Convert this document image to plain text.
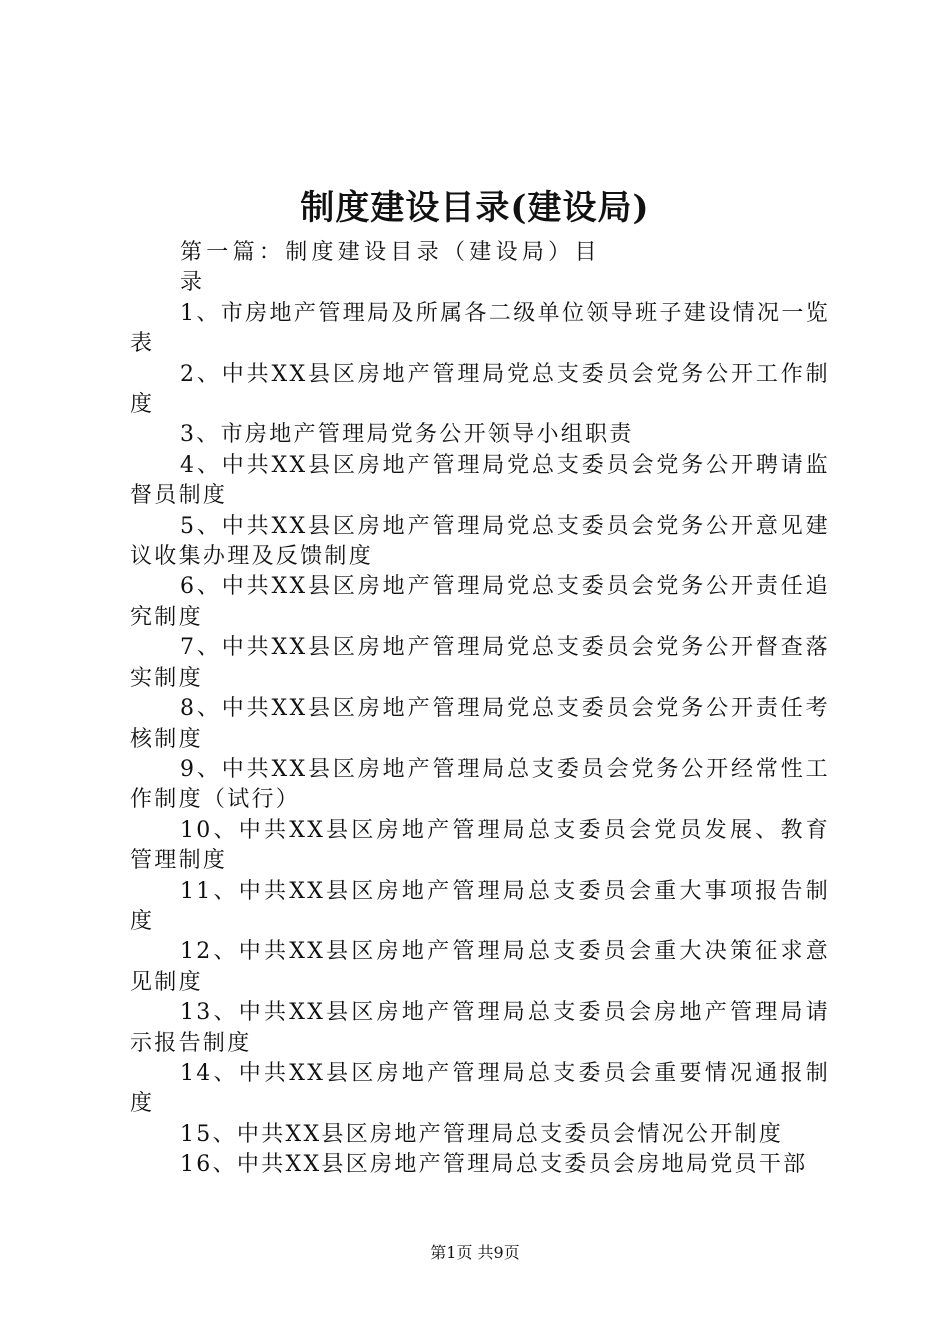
制度建设目录(建设局)

第一篇：制度建设目录（建设局）目录

1、市房地产管理局及所属各二级单位领导班子建设情况一览表

2、中共XX县区房地产管理局党总支委员会党务公开工作制度

3、市房地产管理局党务公开领导小组职责

4、中共XX县区房地产管理局党总支委员会党务公开聘请监督员制度

5、中共XX县区房地产管理局党总支委员会党务公开意见建议收集办理及反馈制度

6、中共XX县区房地产管理局党总支委员会党务公开责任追究制度

7、中共XX县区房地产管理局党总支委员会党务公开督查落实制度

8、中共XX县区房地产管理局党总支委员会党务公开责任考核制度

9、中共XX县区房地产管理局总支委员会党务公开经常性工作制度（试行）

10、中共XX县区房地产管理局总支委员会党员发展、教育管理制度

11、中共XX县区房地产管理局总支委员会重大事项报告制度

12、中共XX县区房地产管理局总支委员会重大决策征求意见制度

13、中共XX县区房地产管理局总支委员会房地产管理局请示报告制度

14、中共XX县区房地产管理局总支委员会重要情况通报制度

15、中共XX县区房地产管理局总支委员会情况公开制度

16、中共XX县区房地产管理局总支委员会房地局党员干部

第1页 共9页
